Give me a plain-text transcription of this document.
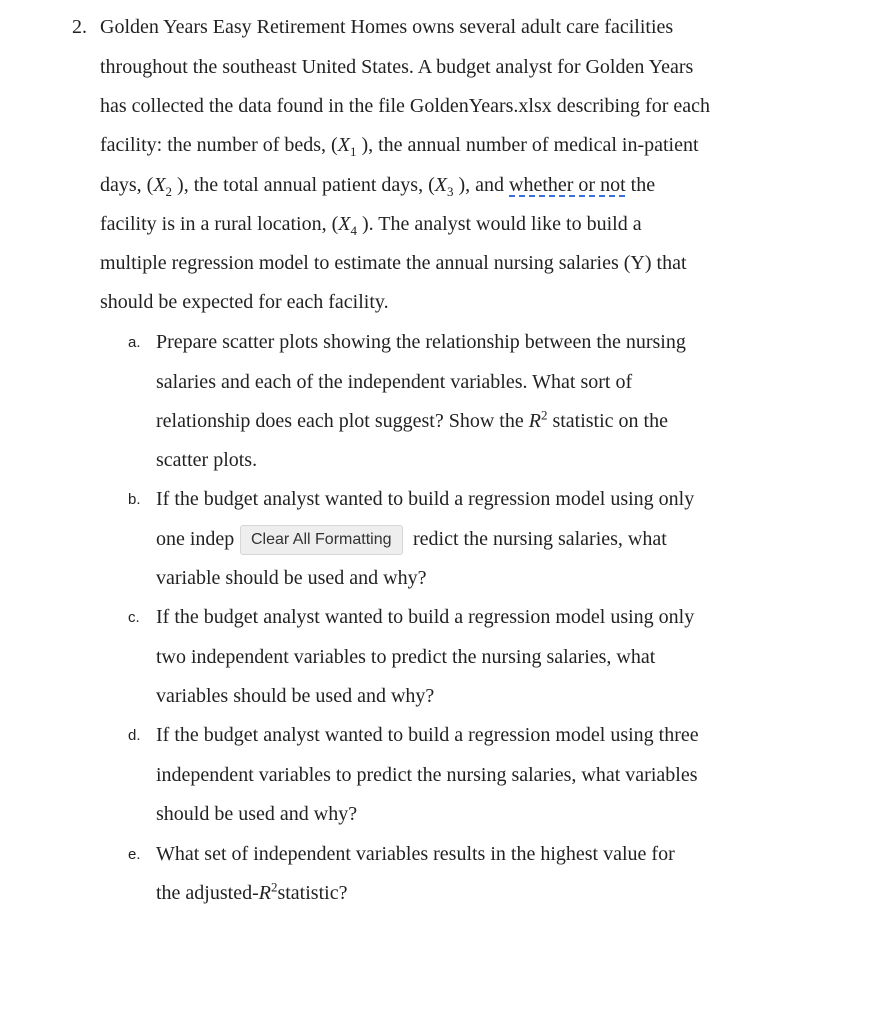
2. Golden Years Easy Retirement Homes owns several adult care facilities
throughout the southeast United States. A budget analyst for Golden Years
has collected the data found in the file GoldenYears.xlsx describing for each
facility: the number of beds, ($X_1$ ), the annual number of medical in-patient
days, ($X_2$ ), the total annual patient days, ($X_3$ ), and whether or not the
facility is in a rural location, ($X_4$ ). The analyst would like to build a
multiple regression model to estimate the annual nursing salaries (Y) that
should be expected for each facility.
a. Prepare scatter plots showing the relationship between the nursing
salaries and each of the independent variables. What sort of
relationship does each plot suggest? Show the $R^2$ statistic on the
scatter plots.
b. If the budget analyst wanted to build a regression model using only
one indep	redict the nursing salaries, what
variable should be used and why?
c. If the budget analyst wanted to build a regression model using only
two independent variables to predict the nursing salaries, what
variables should be used and why?
d. If the budget analyst wanted to build a regression model using three
independent variables to predict the nursing salaries, what variables
should be used and why?
e. What set of independent variables results in the highest value for
the adjusted-$R^2statistic$?
Clear All Formatting
